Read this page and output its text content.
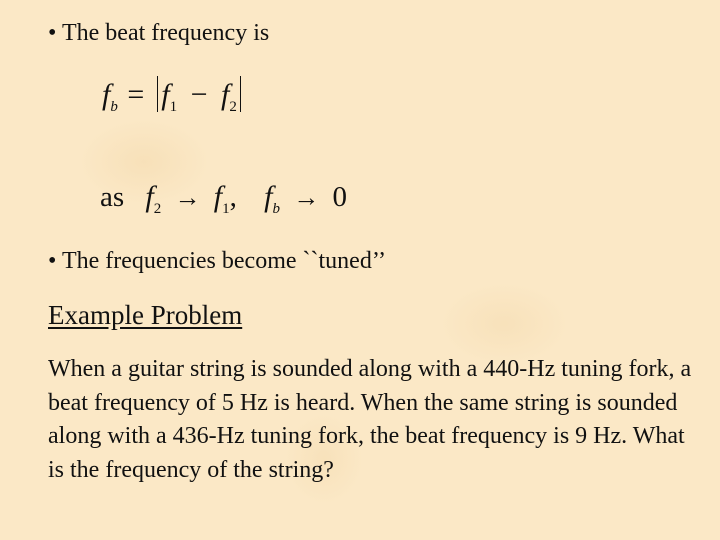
• The beat frequency is
$f_b = f_1 - f_2$
as $f_2 \to f_1$, $f_b \to 0$
• The frequencies become ``tuned’’
Example Problem
When a guitar string is sounded along with a 440-Hz tuning fork, a beat frequency of 5 Hz is heard. When the same string is sounded along with a 436-Hz tuning fork, the beat frequency is 9 Hz. What is the frequency of the string?
